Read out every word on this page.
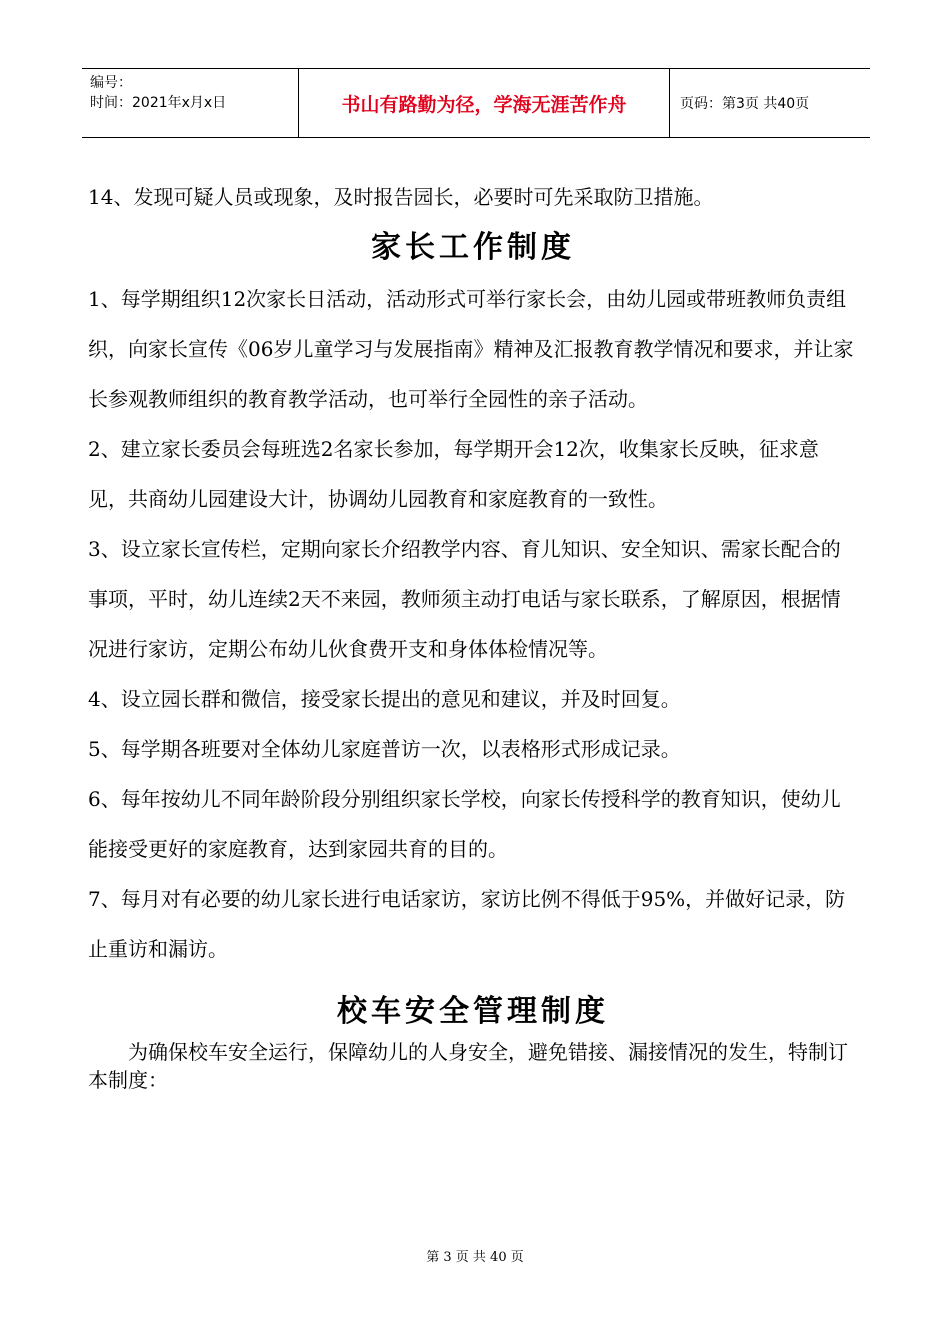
编号：
时间：2021年x月x日	书山有路勤为径，学海无涯苦作舟	页码：第3页 共40页

14、发现可疑人员或现象，及时报告园长，必要时可先采取防卫措施。

家长工作制度

1、每学期组织12次家长日活动，活动形式可举行家长会，由幼儿园或带班教师负责组织，向家长宣传《06岁儿童学习与发展指南》精神及汇报教育教学情况和要求，并让家长参观教师组织的教育教学活动，也可举行全园性的亲子活动。

2、建立家长委员会每班选2名家长参加，每学期开会12次，收集家长反映，征求意见，共商幼儿园建设大计，协调幼儿园教育和家庭教育的一致性。

3、设立家长宣传栏，定期向家长介绍教学内容、育儿知识、安全知识、需家长配合的事项，平时，幼儿连续2天不来园，教师须主动打电话与家长联系，了解原因，根据情况进行家访，定期公布幼儿伙食费开支和身体体检情况等。

4、设立园长群和微信，接受家长提出的意见和建议，并及时回复。

5、每学期各班要对全体幼儿家庭普访一次，以表格形式形成记录。

6、每年按幼儿不同年龄阶段分别组织家长学校，向家长传授科学的教育知识，使幼儿能接受更好的家庭教育，达到家园共育的目的。

7、每月对有必要的幼儿家长进行电话家访，家访比例不得低于95%，并做好记录，防止重访和漏访。

校车安全管理制度

为确保校车安全运行，保障幼儿的人身安全，避免错接、漏接情况的发生，特制订本制度：

第 3 页 共 40 页
